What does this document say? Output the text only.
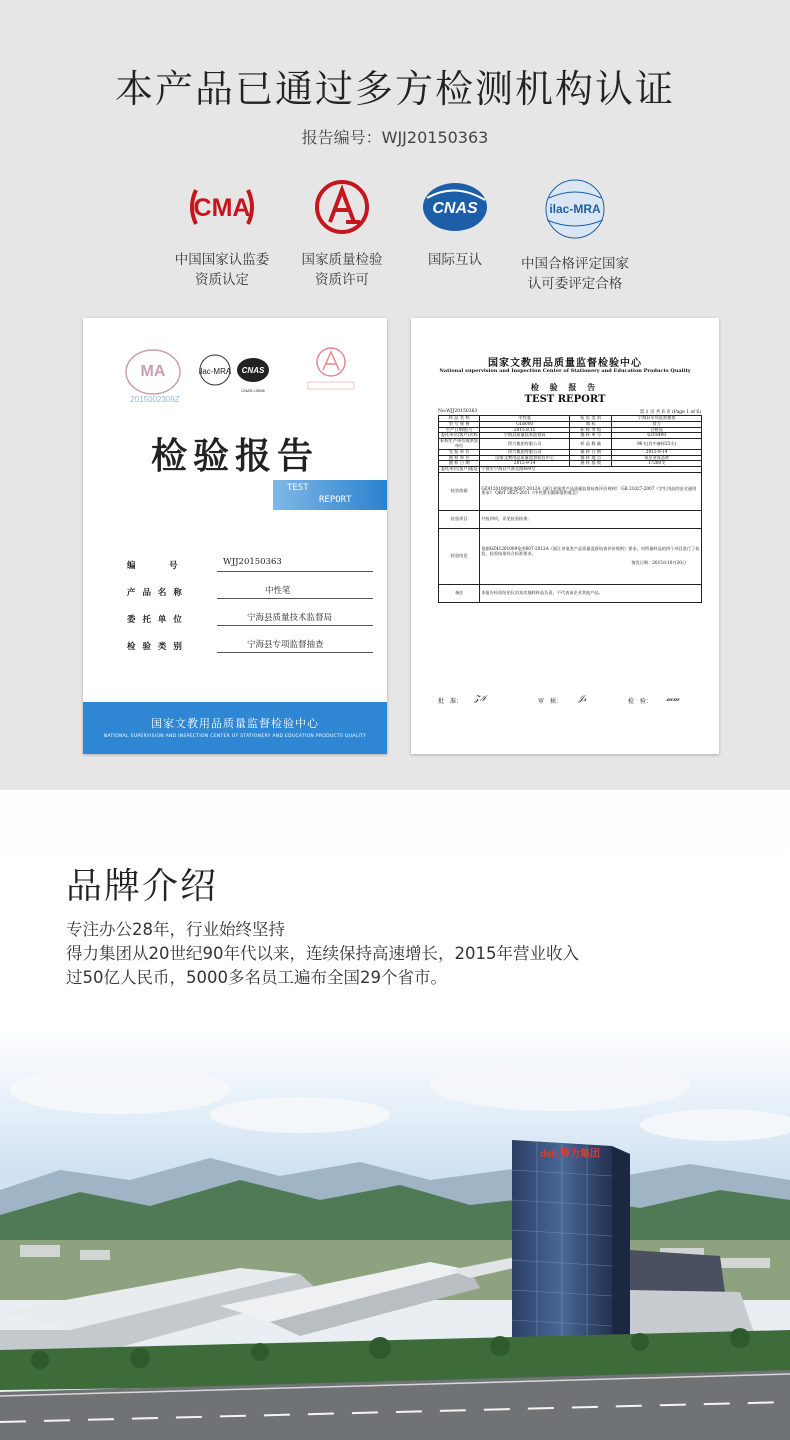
本产品已通过多方检测机构认证
报告编号：WJJ20150363
CMA
中国国家认监委
资质认定
国家质量检验
资质许可
CNAS
国际互认
ilac-MRA
中国合格评定国家
认可委评定合格
MA
2015002309Z
ilac-MRA CNAS
CNAS L0906
检验报告
TEST
REPORT
编　　　号	WJJ20150363
产 品 名 称	中性笔
委 托 单 位	宁海县质量技术监督局
检 验 类 别	宁海县专项监督抽查
国家文教用品质量监督检验中心
NATIONAL SUPERVISION AND INSPECTION CENTER OF STATIONERY AND EDUCATION PRODUCTS QUALITY
国家文教用品质量监督检验中心
National supervision and Inspection Center of Stationery and Education Products Quality
检 验 报 告
TEST REPORT
No:WJJ20150363	第 1 页 共 6 页 (Page 1 of 6)
样 品 名 称	中性笔	检 验 类 别	宁海县专项监督抽查
型 号 规 格	GL6000	商 标	得力
生产日期/批号	2015.9.11	标 称 等 级	合格品
委托单位(客户)名称	宁海县质量技术监督局	抽 样 单 号	6316400
标称生产单位或供货单位	得力集团有限公司	样 品 数 量	96支(其中备样25支)
受 检 单 位	得力集团有限公司	抽 样 日 期	2015-9-14
抽 样 单 位	国家文教用品质量监督检验中心	抽 样 地 点	该企业成品库
抽 样 日 期	2015-9-14	抽 样 基 数	17280支
委托单位(客户)地址	宁波市宁海县兴海北路400号		
检验依据	GZ41201009笔类607-2012A《浙江省笔类产品质量监督检查评价规则》 GB 21027-2007《学生用品的安全通用要求》 QB/T 2625-2011《中性墨水圆珠笔和笔芯》		
检验项目	共检四项，详见检验结果。		
检验结论	依据GZ41201009笔类607-2012A《浙江省笔类产品质量监督检查评价规则》要求，对所抽样品的四个项目进行了检验，检验结果符合标准要求。

签发日期：2015年10月20日		
备注	本报告检验结论仅对本次抽样样品负责，不代表该企业其他产品。		
批　准： 𝒵ℐ	审　核： 𝒥𝓈	检　验： 𝓂𝓂
品牌介绍
专注办公28年，行业始终坚持
得力集团从20世纪90年代以来，连续保持高速增长，2015年营业收入
过50亿人民币，5000多名员工遍布全国29个省市。
deli 得力集团
